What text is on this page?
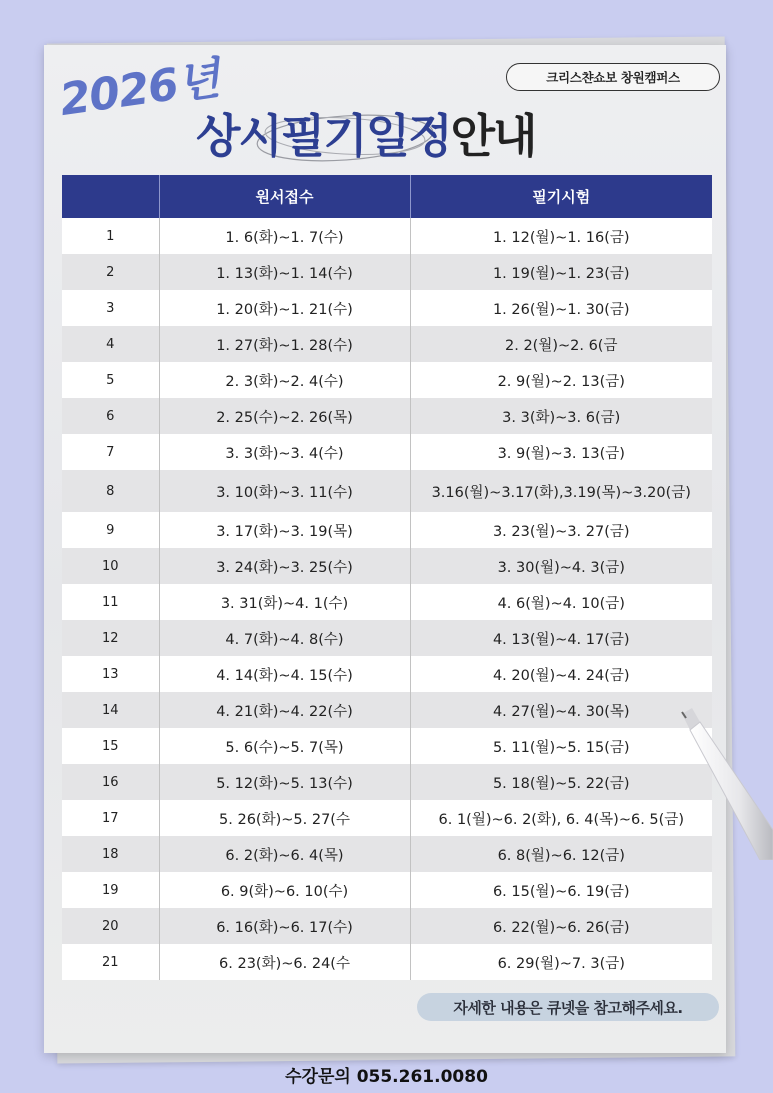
크리스챤쇼보 창원캠퍼스
2026년
상시필기일정안내
	원서접수	필기시험
1	1. 6(화)~1. 7(수)	1. 12(월)~1. 16(금)
2	1. 13(화)~1. 14(수)	1. 19(월)~1. 23(금)
3	1. 20(화)~1. 21(수)	1. 26(월)~1. 30(금)
4	1. 27(화)~1. 28(수)	2. 2(월)~2. 6(금
5	2. 3(화)~2. 4(수)	2. 9(월)~2. 13(금)
6	2. 25(수)~2. 26(목)	3. 3(화)~3. 6(금)
7	3. 3(화)~3. 4(수)	3. 9(월)~3. 13(금)
8	3. 10(화)~3. 11(수)	3.16(월)~3.17(화),3.19(목)~3.20(금)
9	3. 17(화)~3. 19(목)	3. 23(월)~3. 27(금)
10	3. 24(화)~3. 25(수)	3. 30(월)~4. 3(금)
11	3. 31(화)~4. 1(수)	4. 6(월)~4. 10(금)
12	4. 7(화)~4. 8(수)	4. 13(월)~4. 17(금)
13	4. 14(화)~4. 15(수)	4. 20(월)~4. 24(금)
14	4. 21(화)~4. 22(수)	4. 27(월)~4. 30(목)
15	5. 6(수)~5. 7(목)	5. 11(월)~5. 15(금)
16	5. 12(화)~5. 13(수)	5. 18(월)~5. 22(금)
17	5. 26(화)~5. 27(수	6. 1(월)~6. 2(화), 6. 4(목)~6. 5(금)
18	6. 2(화)~6. 4(목)	6. 8(월)~6. 12(금)
19	6. 9(화)~6. 10(수)	6. 15(월)~6. 19(금)
20	6. 16(화)~6. 17(수)	6. 22(월)~6. 26(금)
21	6. 23(화)~6. 24(수	6. 29(월)~7. 3(금)
자세한 내용은 큐넷을 참고해주세요.
수강문의 055.261.0080
